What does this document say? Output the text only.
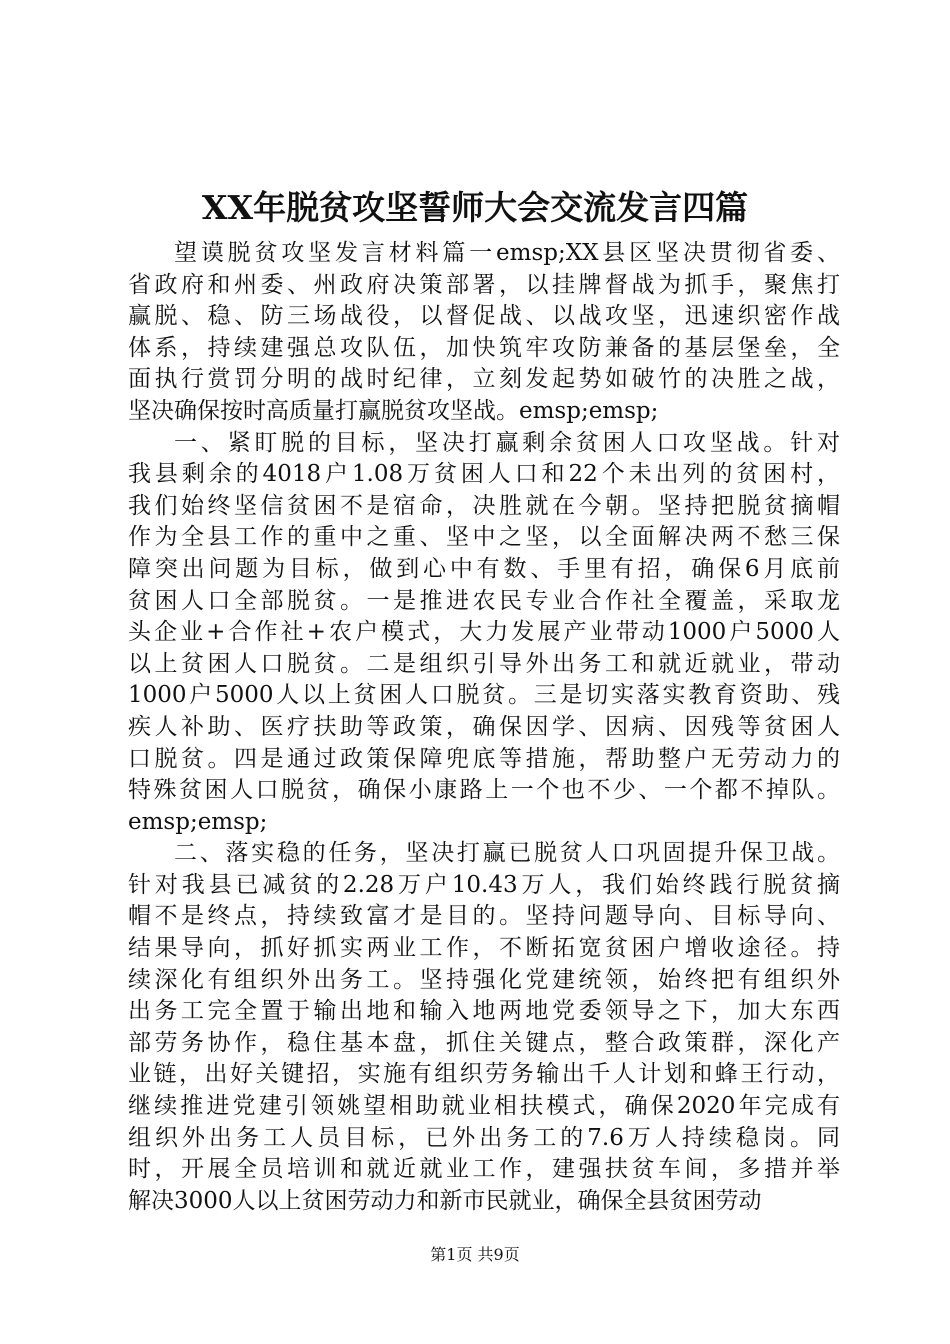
XX年脱贫攻坚誓师大会交流发言四篇
望谟脱贫攻坚发言材料篇一emsp;XX县区坚决贯彻省委、
省政府和州委、州政府决策部署，以挂牌督战为抓手，聚焦打
赢脱、稳、防三场战役，以督促战、以战攻坚，迅速织密作战
体系，持续建强总攻队伍，加快筑牢攻防兼备的基层堡垒，全
面执行赏罚分明的战时纪律，立刻发起势如破竹的决胜之战，
坚决确保按时高质量打赢脱贫攻坚战。emsp;emsp;
一、紧盯脱的目标，坚决打赢剩余贫困人口攻坚战。针对
我县剩余的4018户1.08万贫困人口和22个未出列的贫困村，
我们始终坚信贫困不是宿命，决胜就在今朝。坚持把脱贫摘帽
作为全县工作的重中之重、坚中之坚，以全面解决两不愁三保
障突出问题为目标，做到心中有数、手里有招，确保6月底前
贫困人口全部脱贫。一是推进农民专业合作社全覆盖，采取龙
头企业+合作社+农户模式，大力发展产业带动1000户5000人
以上贫困人口脱贫。二是组织引导外出务工和就近就业，带动
1000户5000人以上贫困人口脱贫。三是切实落实教育资助、残
疾人补助、医疗扶助等政策，确保因学、因病、因残等贫困人
口脱贫。四是通过政策保障兜底等措施，帮助整户无劳动力的
特殊贫困人口脱贫，确保小康路上一个也不少、一个都不掉队。
emsp;emsp;
二、落实稳的任务，坚决打赢已脱贫人口巩固提升保卫战。
针对我县已减贫的2.28万户10.43万人，我们始终践行脱贫摘
帽不是终点，持续致富才是目的。坚持问题导向、目标导向、
结果导向，抓好抓实两业工作，不断拓宽贫困户增收途径。持
续深化有组织外出务工。坚持强化党建统领，始终把有组织外
出务工完全置于输出地和输入地两地党委领导之下，加大东西
部劳务协作，稳住基本盘，抓住关键点，整合政策群，深化产
业链，出好关键招，实施有组织劳务输出千人计划和蜂王行动，
继续推进党建引领姚望相助就业相扶模式，确保2020年完成有
组织外出务工人员目标，已外出务工的7.6万人持续稳岗。同
时，开展全员培训和就近就业工作，建强扶贫车间，多措并举
解决3000人以上贫困劳动力和新市民就业，确保全县贫困劳动
第1页 共9页
